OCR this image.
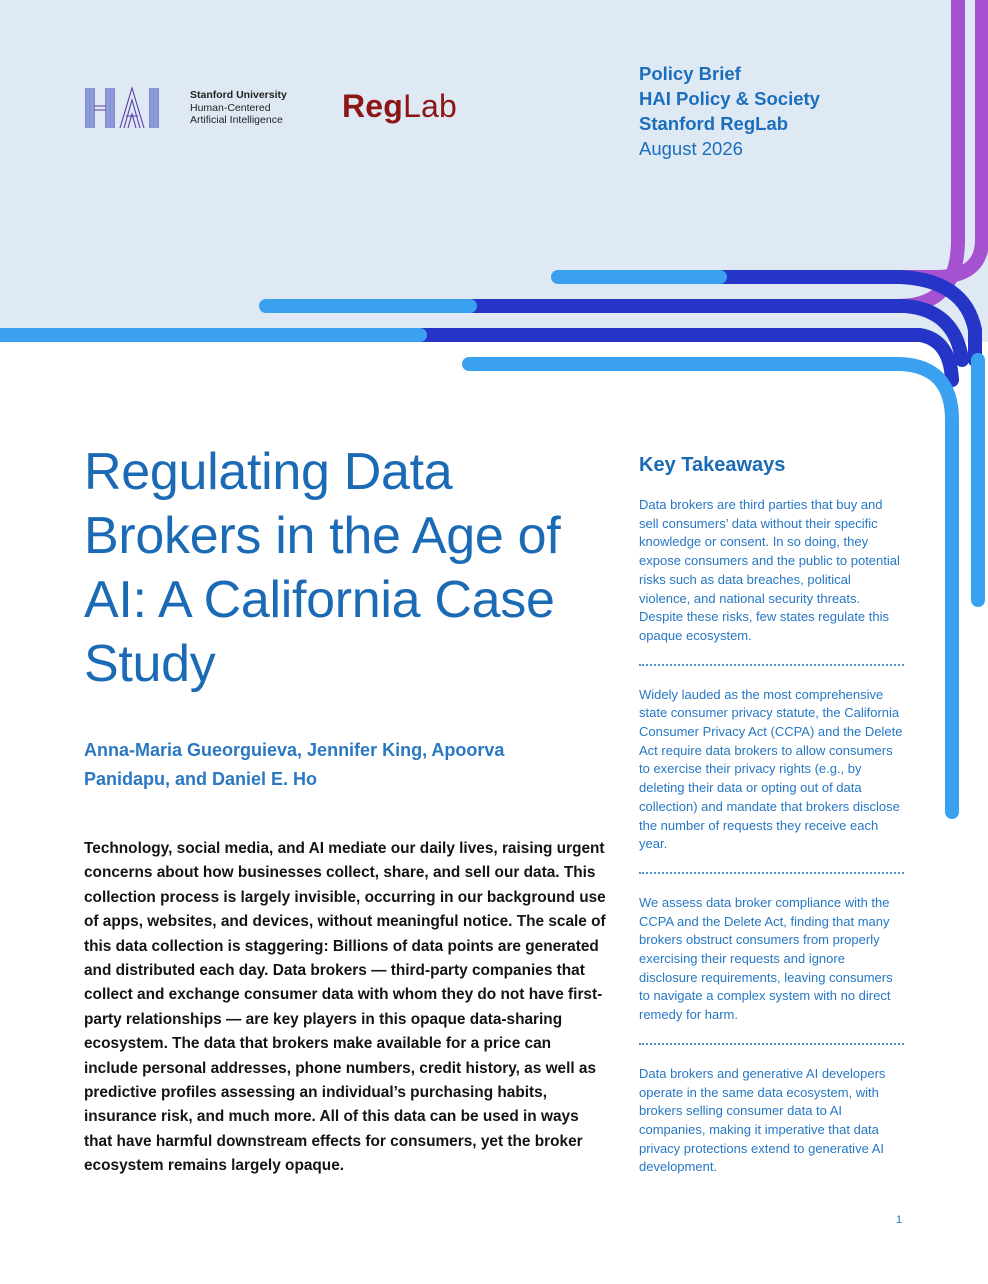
Stanford University
Human-Centered
Artificial Intelligence RegLab
Policy Brief
HAI Policy & Society
Stanford RegLab
August 2026
Regulating Data Brokers in the Age of AI: A California Case Study

Anna-Maria Gueorguieva, Jennifer King, Apoorva Panidapu, and Daniel E. Ho

Technology, social media, and AI mediate our daily lives, raising urgent concerns about how businesses collect, share, and sell our data. This collection process is largely invisible, occurring in our background use of apps, websites, and devices, without meaningful notice. The scale of this data collection is staggering: Billions of data points are generated and distributed each day. Data brokers — third-party companies that collect and exchange consumer data with whom they do not have first-party relationships — are key players in this opaque data-sharing ecosystem. The data that brokers make available for a price can include personal addresses, phone numbers, credit history, as well as predictive profiles assessing an individual’s purchasing habits, insurance risk, and much more. All of this data can be used in ways that have harmful downstream effects for consumers, yet the broker ecosystem remains largely opaque.

Key Takeaways

Data brokers are third parties that buy and sell consumers’ data without their specific knowledge or consent. In so doing, they expose consumers and the public to potential risks such as data breaches, political violence, and national security threats. Despite these risks, few states regulate this opaque ecosystem.

Widely lauded as the most comprehensive state consumer privacy statute, the California Consumer Privacy Act (CCPA) and the Delete Act require data brokers to allow consumers to exercise their privacy rights (e.g., by deleting their data or opting out of data collection) and mandate that brokers disclose the number of requests they receive each year.

We assess data broker compliance with the CCPA and the Delete Act, finding that many brokers obstruct consumers from properly exercising their requests and ignore disclosure requirements, leaving consumers to navigate a complex system with no direct remedy for harm.

Data brokers and generative AI developers operate in the same data ecosystem, with brokers selling consumer data to AI companies, making it imperative that data privacy protections extend to generative AI development.

1
